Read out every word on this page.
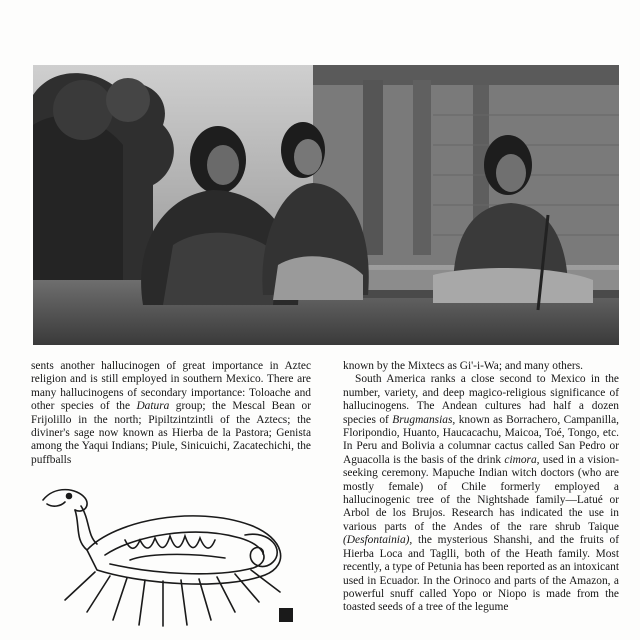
sents another hallucinogen of great importance in Aztec religion and is still employed in southern Mexico. There are many hallucinogens of secondary importance: Toloache and other species of the Datura group; the Mescal Bean or Frijolillo in the north; Pipiltzintzintli of the Aztecs; the diviner's sage now known as Hierba de la Pastora; Genista among the Yaqui Indians; Piule, Sinicuichi, Zacatechichi, the puffballs

known by the Mixtecs as Gi'-i-Wa; and many others.

South America ranks a close second to Mexico in the number, variety, and deep magico-religious significance of hallucinogens. The Andean cultures had half a dozen species of Brugmansias, known as Borrachero, Campanilla, Floripondio, Huanto, Haucacachu, Maicoa, Toé, Tongo, etc. In Peru and Bolivia a columnar cactus called San Pedro or Aguacolla is the basis of the drink cimora, used in a vision-seeking ceremony. Mapuche Indian witch doctors (who are mostly female) of Chile formerly employed a hallucinogenic tree of the Nightshade family—Latué or Arbol de los Brujos. Research has indicated the use in various parts of the Andes of the rare shrub Taique (Desfontainia), the mysterious Shanshi, and the fruits of Hierba Loca and Taglli, both of the Heath family. Most recently, a type of Petunia has been reported as an intoxicant used in Ecuador. In the Orinoco and parts of the Amazon, a powerful snuff called Yopo or Niopo is made from the toasted seeds of a tree of the legume
